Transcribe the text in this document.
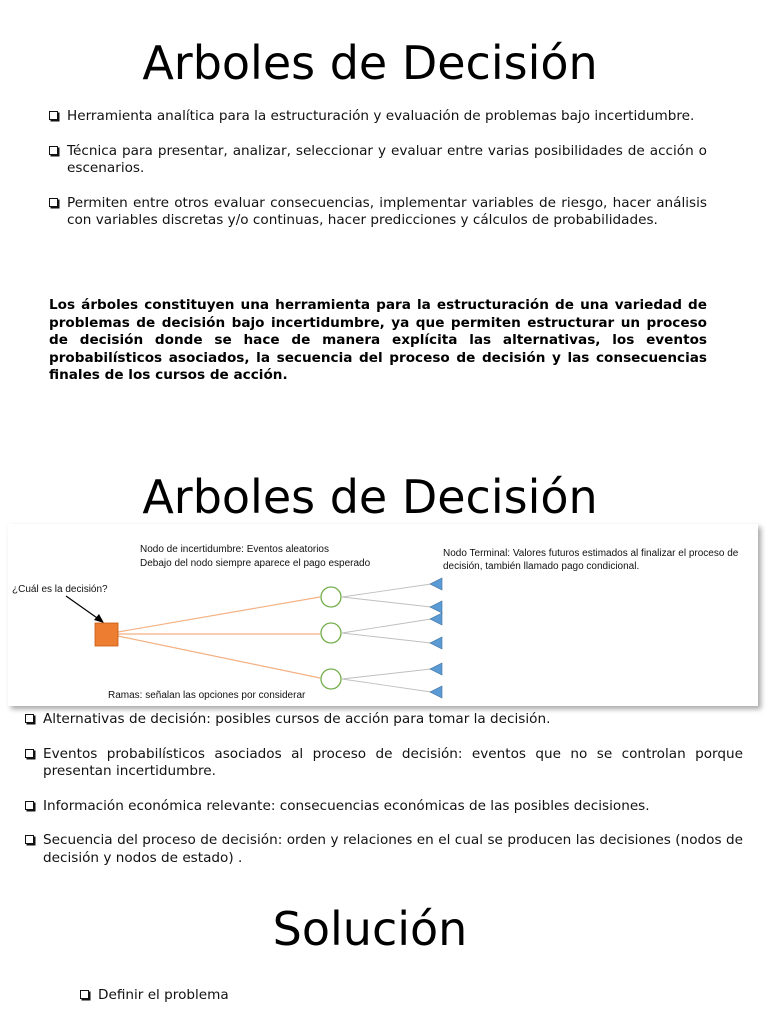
Arboles de Decisión
Herramienta analítica para la estructuración y evaluación de problemas bajo incertidumbre.
Técnica para presentar, analizar, seleccionar y evaluar entre varias posibilidades de acción o escenarios.
Permiten entre otros evaluar consecuencias, implementar variables de riesgo, hacer análisis con variables discretas y/o continuas, hacer predicciones y cálculos de probabilidades.

Los árboles constituyen una herramienta para la estructuración de una variedad de problemas de decisión bajo incertidumbre, ya que permiten estructurar un proceso de decisión donde se hace de manera explícita las alternativas, los eventos probabilísticos asociados, la secuencia del proceso de decisión y las consecuencias finales de los cursos de acción.

Arboles de Decisión
Nodo de incertidumbre: Eventos aleatorios
Debajo del nodo siempre aparece el pago esperado
Nodo Terminal: Valores futuros estimados al finalizar el proceso de
decisión, también llamado pago condicional.
¿Cuál es la decisión?
Ramas: señalan las opciones por considerar
Alternativas de decisión: posibles cursos de acción para tomar la decisión.
Eventos probabilísticos asociados al proceso de decisión: eventos que no se controlan porque presentan incertidumbre.
Información económica relevante: consecuencias económicas de las posibles decisiones.
Secuencia del proceso de decisión: orden y relaciones en el cual se producen las decisiones (nodos de decisión y nodos de estado) .
Solución
Definir el problema
